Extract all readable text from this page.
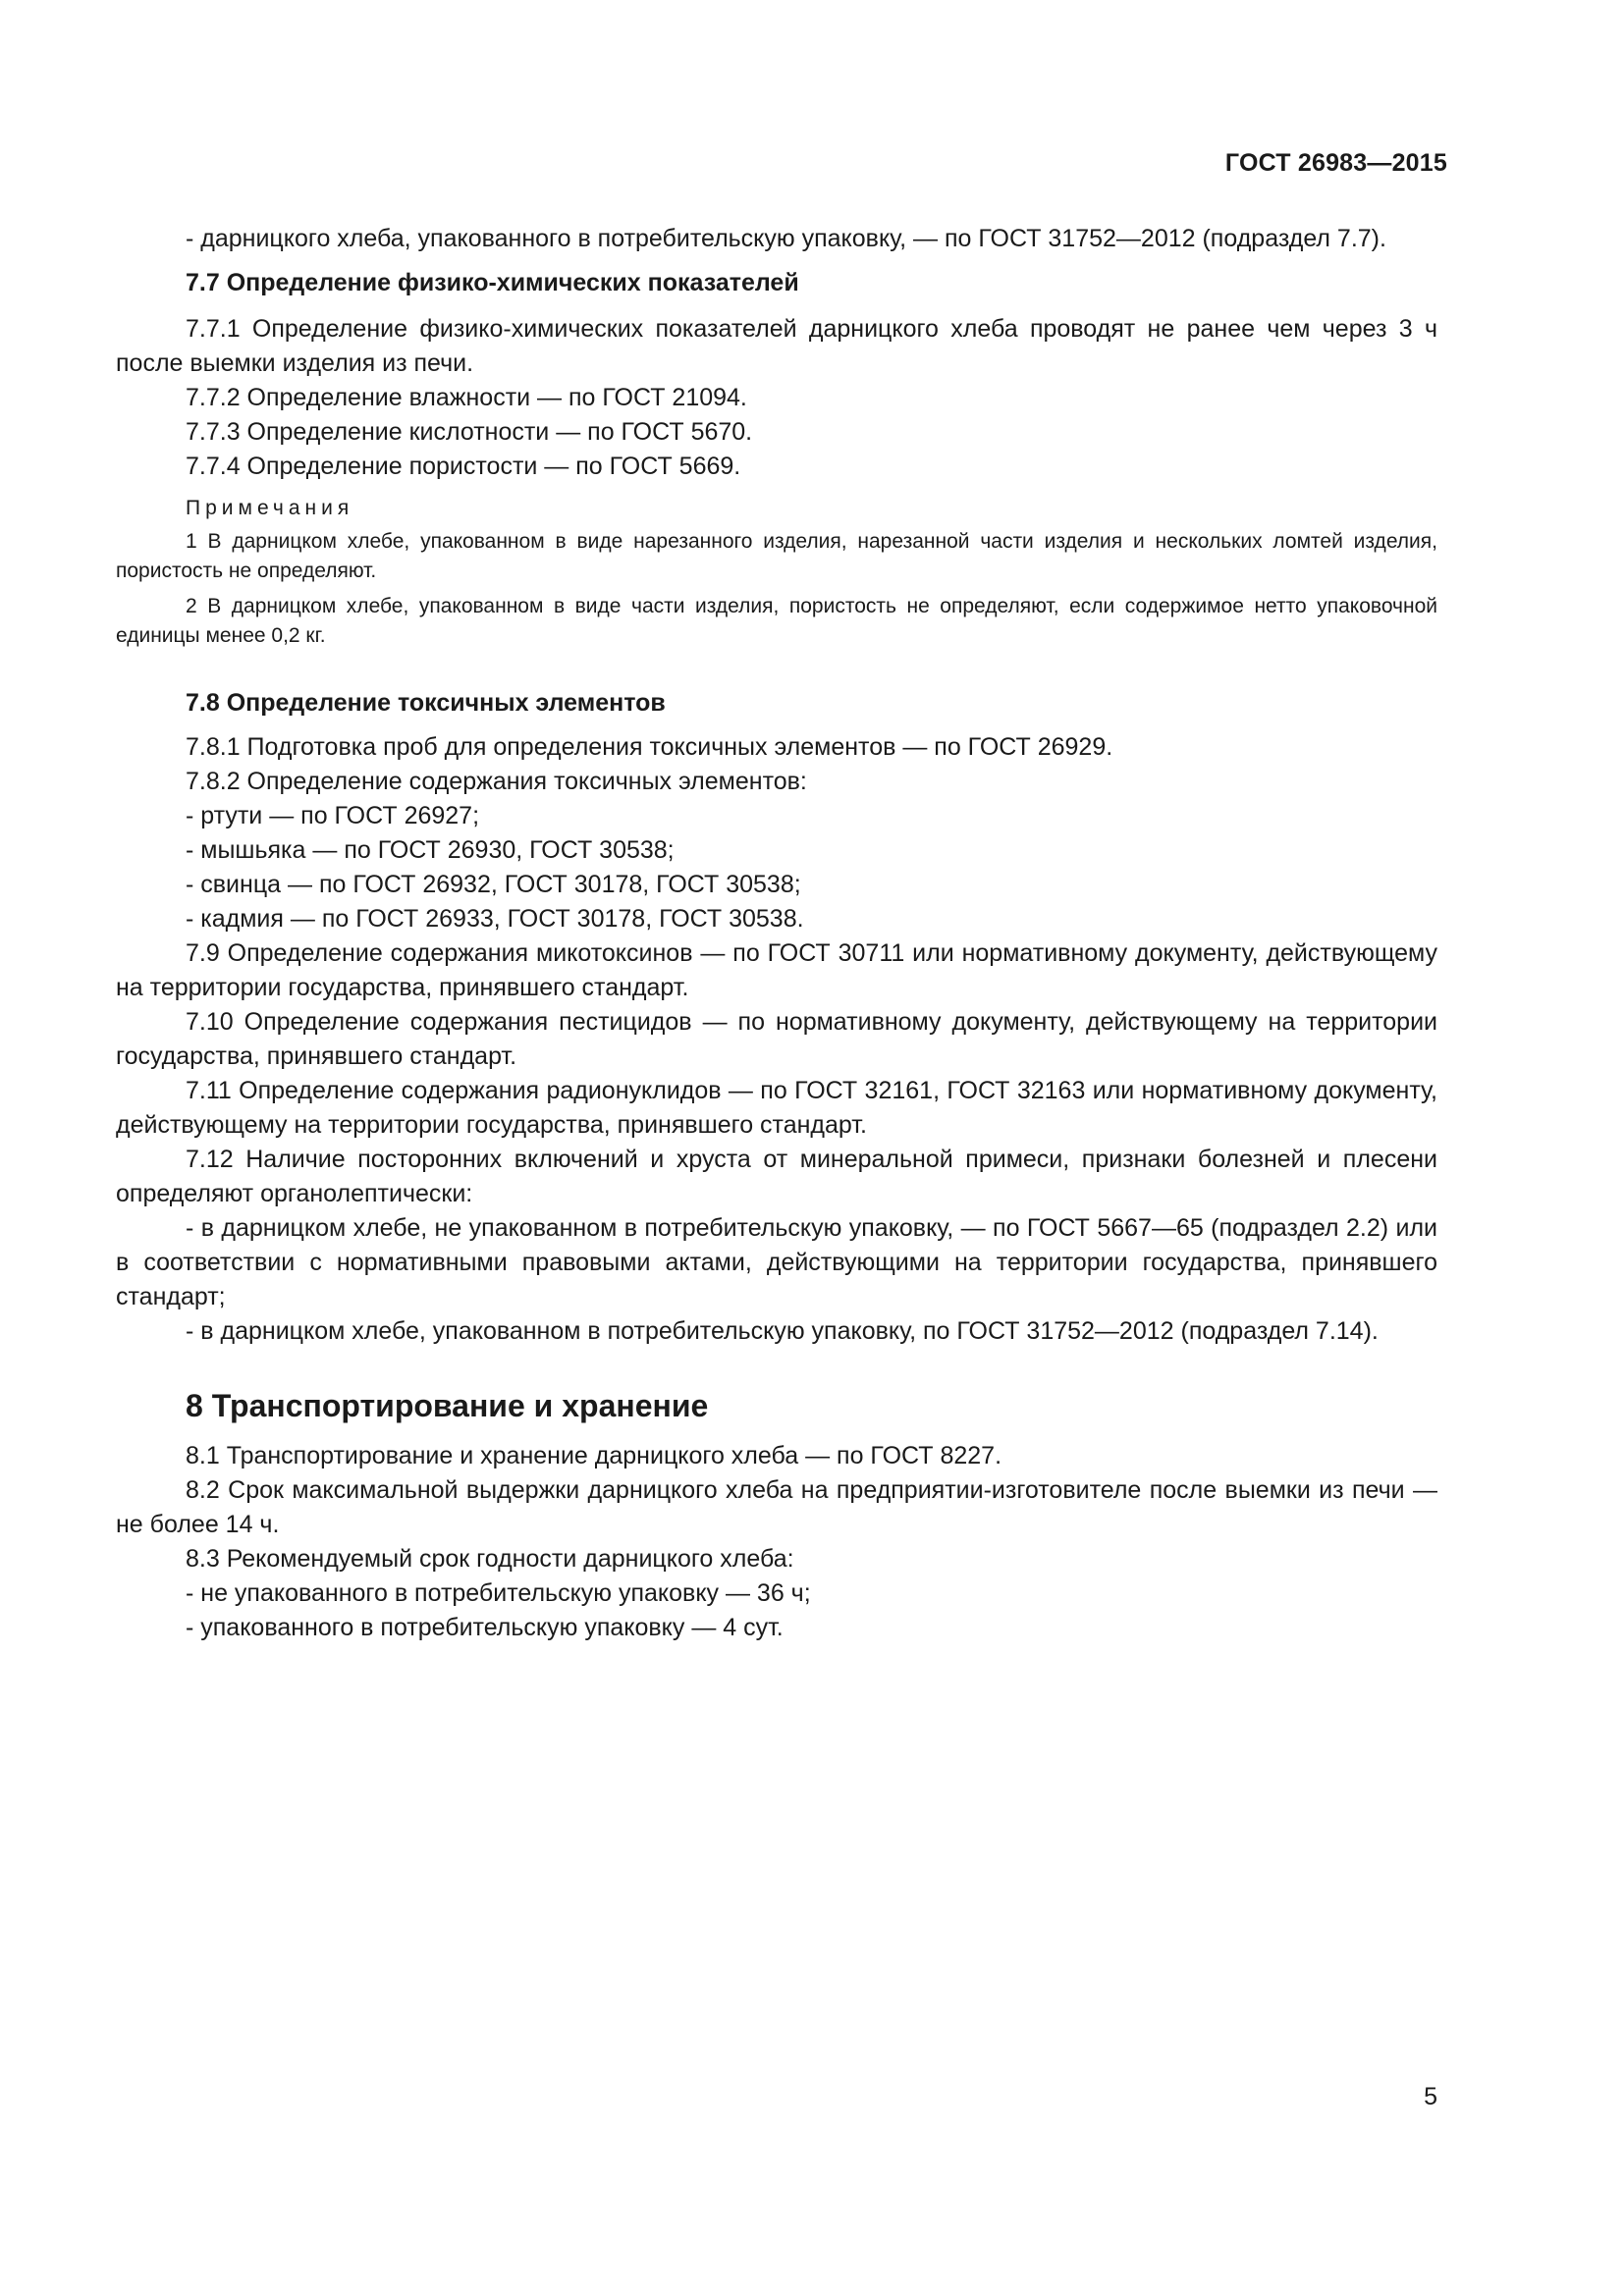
ГОСТ 26983—2015

- дарницкого хлеба, упакованного в потребительскую упаковку, — по ГОСТ 31752—2012 (подраздел 7.7).

7.7 Определение физико-химических показателей

7.7.1 Определение физико-химических показателей дарницкого хлеба проводят не ранее чем через 3 ч после выемки изделия из печи.

7.7.2 Определение влажности — по ГОСТ 21094.

7.7.3 Определение кислотности — по ГОСТ 5670.

7.7.4 Определение пористости — по ГОСТ 5669.

Примечания

1 В дарницком хлебе, упакованном в виде нарезанного изделия, нарезанной части изделия и нескольких ломтей изделия, пористость не определяют.

2 В дарницком хлебе, упакованном в виде части изделия, пористость не определяют, если содержимое нетто упаковочной единицы менее 0,2 кг.

7.8 Определение токсичных элементов

7.8.1 Подготовка проб для определения токсичных элементов — по ГОСТ 26929.

7.8.2 Определение содержания токсичных элементов:

- ртути — по ГОСТ 26927;

- мышьяка — по ГОСТ 26930, ГОСТ 30538;

- свинца — по ГОСТ 26932, ГОСТ 30178, ГОСТ 30538;

- кадмия — по ГОСТ 26933, ГОСТ 30178, ГОСТ 30538.

7.9 Определение содержания микотоксинов — по ГОСТ 30711 или нормативному документу, действующему на территории государства, принявшего стандарт.

7.10 Определение содержания пестицидов — по нормативному документу, действующему на территории государства, принявшего стандарт.

7.11 Определение содержания радионуклидов — по ГОСТ 32161, ГОСТ 32163 или нормативному документу, действующему на территории государства, принявшего стандарт.

7.12 Наличие посторонних включений и хруста от минеральной примеси, признаки болезней и плесени определяют органолептически:

- в дарницком хлебе, не упакованном в потребительскую упаковку, — по ГОСТ 5667—65 (подраздел 2.2) или в соответствии с нормативными правовыми актами, действующими на территории государства, принявшего стандарт;

- в дарницком хлебе, упакованном в потребительскую упаковку, по ГОСТ 31752—2012 (подраздел 7.14).

8 Транспортирование и хранение

8.1 Транспортирование и хранение дарницкого хлеба — по ГОСТ 8227.

8.2 Срок максимальной выдержки дарницкого хлеба на предприятии-изготовителе после выемки из печи — не более 14 ч.

8.3 Рекомендуемый срок годности дарницкого хлеба:

- не упакованного в потребительскую упаковку — 36 ч;

- упакованного в потребительскую упаковку — 4 сут.

5
